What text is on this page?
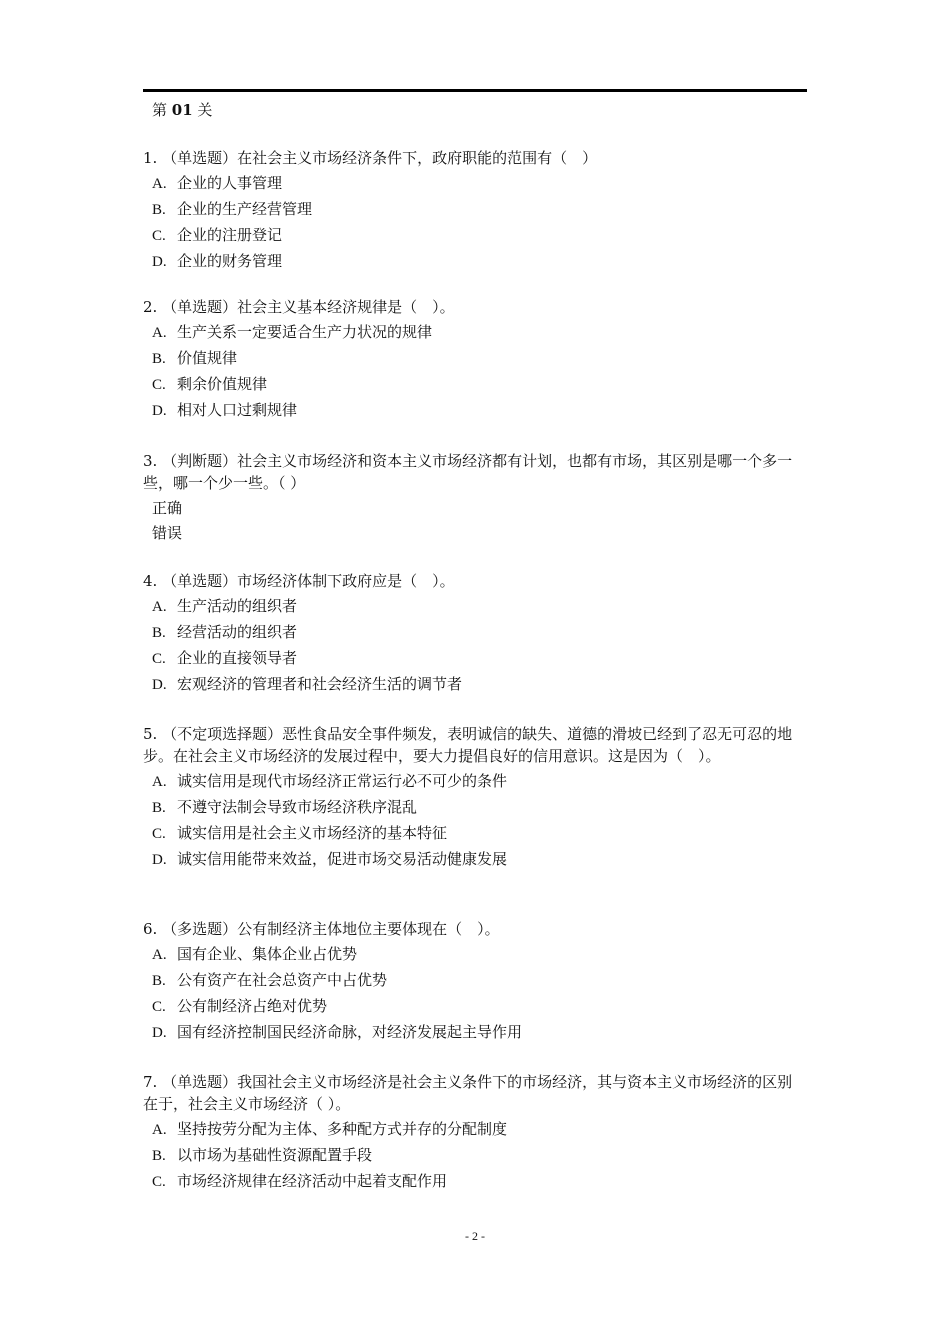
第 01 关

1. （单选题）在社会主义市场经济条件下，政府职能的范围有（　）

A. 企业的人事管理
B. 企业的生产经营管理
C. 企业的注册登记
D. 企业的财务管理

2. （单选题）社会主义基本经济规律是（　）。

A. 生产关系一定要适合生产力状况的规律
B. 价值规律
C. 剩余价值规律
D. 相对人口过剩规律

3. （判断题）社会主义市场经济和资本主义市场经济都有计划，也都有市场，其区别是哪一个多一些，哪一个少一些。（ ）

正确
错误

4. （单选题）市场经济体制下政府应是（　）。

A. 生产活动的组织者
B. 经营活动的组织者
C. 企业的直接领导者
D. 宏观经济的管理者和社会经济生活的调节者

5. （不定项选择题）恶性食品安全事件频发，表明诚信的缺失、道德的滑坡已经到了忍无可忍的地步。在社会主义市场经济的发展过程中，要大力提倡良好的信用意识。这是因为（　）。

A. 诚实信用是现代市场经济正常运行必不可少的条件
B. 不遵守法制会导致市场经济秩序混乱
C. 诚实信用是社会主义市场经济的基本特征
D. 诚实信用能带来效益，促进市场交易活动健康发展

6. （多选题）公有制经济主体地位主要体现在（　）。

A. 国有企业、集体企业占优势
B. 公有资产在社会总资产中占优势
C. 公有制经济占绝对优势
D. 国有经济控制国民经济命脉，对经济发展起主导作用

7. （单选题）我国社会主义市场经济是社会主义条件下的市场经济，其与资本主义市场经济的区别在于，社会主义市场经济（ ）。

A. 坚持按劳分配为主体、多种配方式并存的分配制度
B. 以市场为基础性资源配置手段
C. 市场经济规律在经济活动中起着支配作用
- 2 -
